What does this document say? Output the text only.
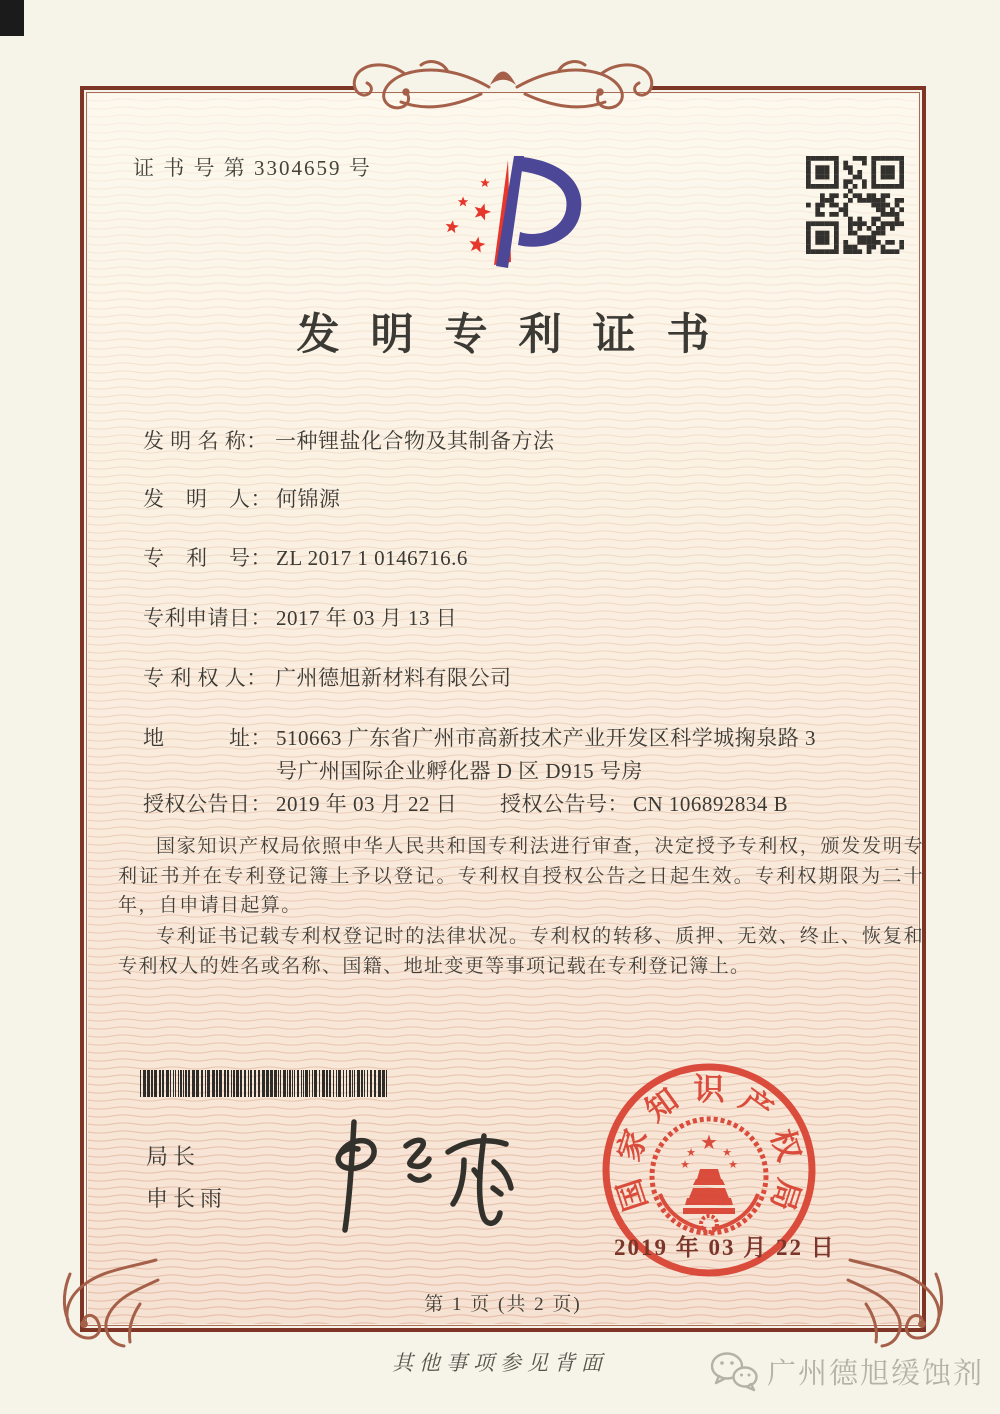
证 书 号 第 3304659 号
发明专利证书
发 明 名 称： 一种锂盐化合物及其制备方法
发　明　人： 何锦源
专　利　号： ZL 2017 1 0146716.6
专利申请日： 2017 年 03 月 13 日
专 利 权 人： 广州德旭新材料有限公司
地　　　址： 510663 广东省广州市高新技术产业开发区科学城掬泉路 3
号广州国际企业孵化器 D 区 D915 号房
授权公告日： 2019 年 03 月 22 日 授权公告号： CN 106892834 B
国家知识产权局依照中华人民共和国专利法进行审查，决定授予专利权，颁发发明专利证书并在专利登记簿上予以登记。专利权自授权公告之日起生效。专利权期限为二十年，自申请日起算。
专利证书记载专利权登记时的法律状况。专利权的转移、质押、无效、终止、恢复和专利权人的姓名或名称、国籍、地址变更等事项记载在专利登记簿上。
局长
申长雨	国
家
知 识 产
权
局
★
★ ★
★	★
2019 年 03 月 22 日
第 1 页 (共 2 页)
其他事项参见背面	广州德旭缓蚀剂
